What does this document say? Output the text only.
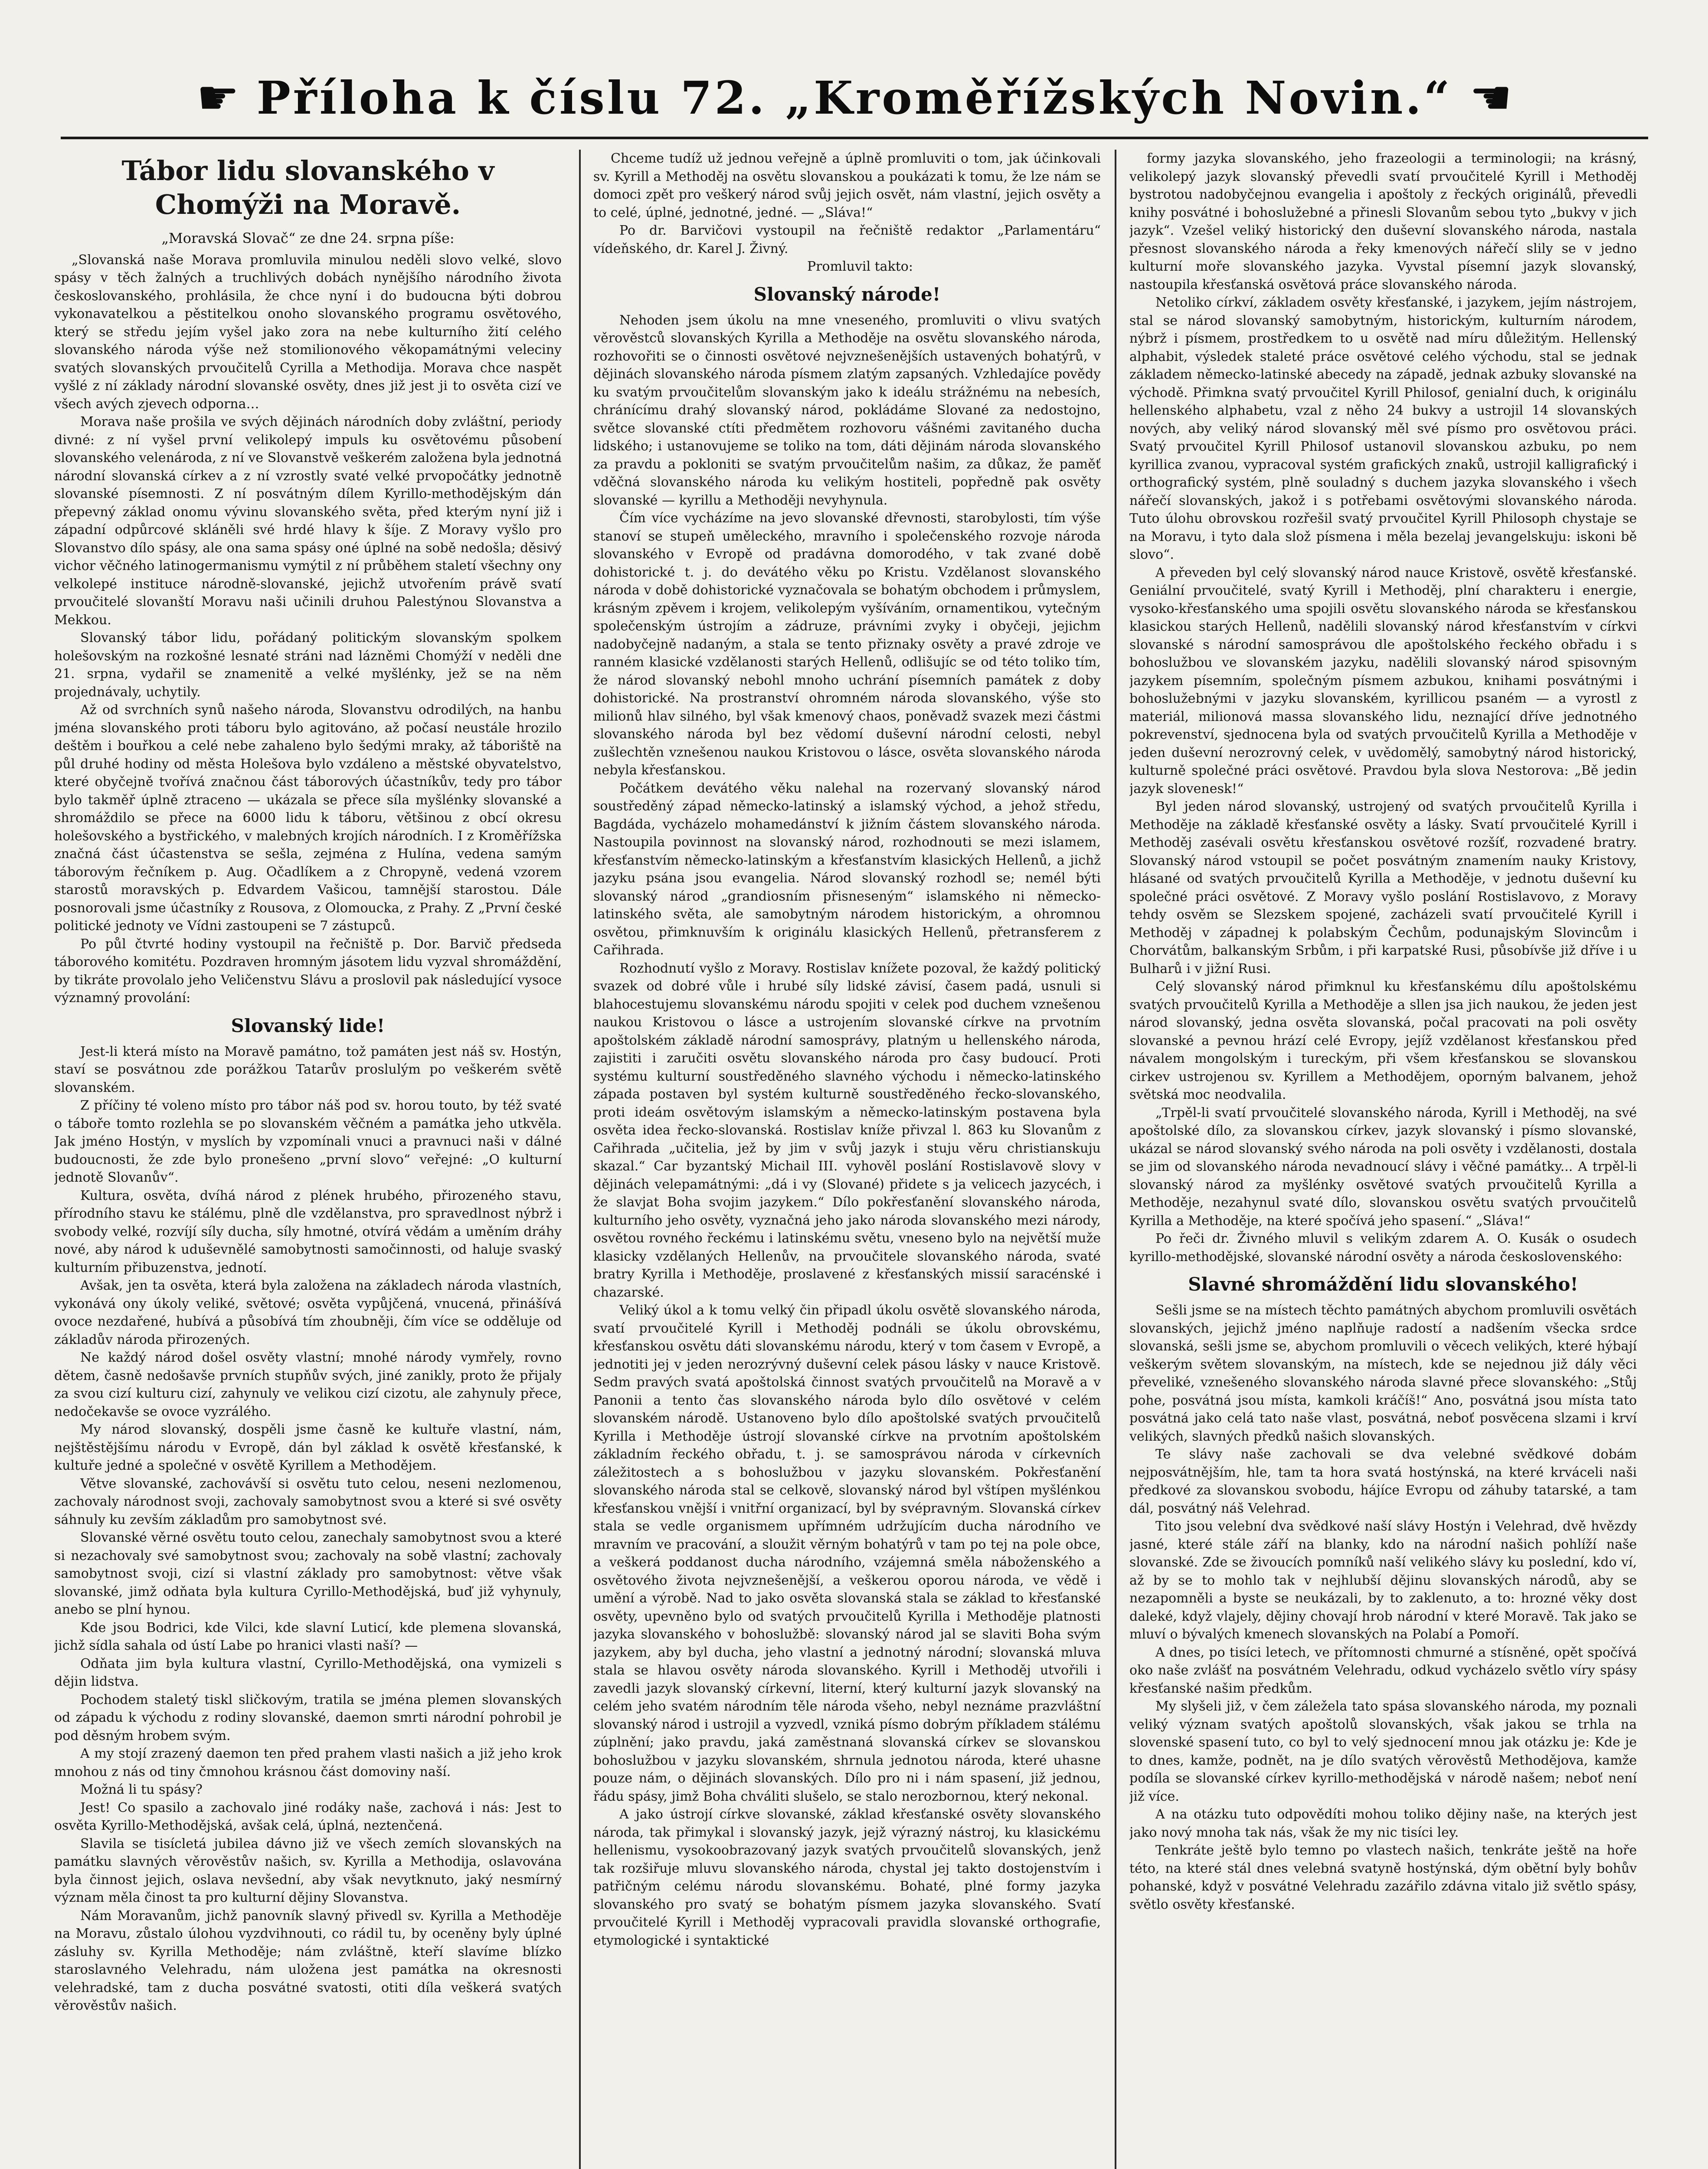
☛ Příloha k číslu 72. „Kroměřížských Novin.“ ☛
Tábor lidu slovanského v Chomýži na Moravě.
„Moravská Slovač“ ze dne 24. srpna píše:

„Slovanská naše Morava promluvila minulou neděli slovo velké, slovo spásy v těch žalných a truchlivých dobách nynějšího národního života českoslovanského, prohlásila, že chce nyní i do budoucna býti dobrou vykonavatelkou a pěstitelkou onoho slovanského programu osvětového, který se středu jejím vyšel jako zora na nebe kulturního žití celého slovanského národa výše než stomilionového věkopamátnými veleciny svatých slovanských prvoučitelů Cyrilla a Methodija. Morava chce naspět vyšlé z ní základy národní slovanské osvěty, dnes již jest ji to osvěta cizí ve všech avých zjevech odporna…

Morava naše prošila ve svých dějinách národních doby zvláštní, periody divné: z ní vyšel první velikolepý impuls ku osvětovému působení slovanského velenároda, z ní ve Slovanstvě veškerém založena byla jednotná národní slovanská církev a z ní vzrostly svaté velké prvopočátky jednotně slovanské písemnosti. Z ní posvátným dílem Kyrillo-methodějským dán přepevný základ onomu vývinu slovanského světa, před kterým nyní již i západní odpůrcové skláněli své hrdé hlavy k šíje. Z Moravy vyšlo pro Slovanstvo dílo spásy, ale ona sama spásy oné úplné na sobě nedošla; děsivý vichor věčného latinogermanismu vymýtil z ní průběhem staletí všechny ony velkolepé instituce národně-slovanské, jejichž utvořením právě svatí prvoučitelé slovanští Moravu naši učinili druhou Palestýnou Slovanstva a Mekkou.

Slovanský tábor lidu, pořádaný politickým slovanským spolkem holešovským na rozkošné lesnaté stráni nad lázněmi Chomýží v neděli dne 21. srpna, vydařil se znamenitě a velké myšlénky, jež se na něm projednávaly, uchytily.

Až od svrchních synů našeho národa, Slovanstvu odrodilých, na hanbu jména slovanského proti táboru bylo agitováno, až počasí neustále hrozilo deštěm i bouřkou a celé nebe zahaleno bylo šedými mraky, až táboriště na půl druhé hodiny od města Holešova bylo vzdáleno a městské obyvatelstvo, které obyčejně tvořívá značnou část táborových účastníkův, tedy pro tábor bylo takměř úplně ztraceno — ukázala se přece síla myšlénky slovanské a shromáždilo se přece na 6000 lidu k táboru, většinou z obcí okresu holešovského a bystřického, v malebných krojích národních. I z Kroměřížska značná část účastenstva se sešla, zejména z Hulína, vedena samým táborovým řečníkem p. Aug. Očadlíkem a z Chropyně, vedená vzorem starostů moravských p. Edvardem Vašicou, tamnější starostou. Dále posnorovali jsme účastníky z Rousova, z Olomoucka, z Prahy. Z „První české politické jednoty ve Vídni zastoupeni se 7 zástupců.

Po půl čtvrté hodiny vystoupil na řečniště p. Dor. Barvič předseda táborového komitétu. Pozdraven hromným jásotem lidu vyzval shromáždění, by tikráte provolalo jeho Veličenstvu Slávu a proslovil pak následující vysoce významný provolání:

Slovanský lide!

Jest-li která místo na Moravě památno, tož památen jest náš sv. Hostýn, staví se posvátnou zde porážkou Tatarův proslulým po veškerém světě slovanském.

Z příčiny té voleno místo pro tábor náš pod sv. horou touto, by též svaté o táboře tomto rozlehla se po slovanském věčném a památka jeho utkvěla. Jak jméno Hostýn, v myslích by vzpomínali vnuci a pravnuci naši v dálné budoucnosti, že zde bylo pronešeno „první slovo“ veřejné: „O kulturní jednotě Slovanův“.

Kultura, osvěta, dvíhá národ z plének hrubého, přirozeného stavu, přírodního stavu ke stálému, plně dle vzdělanstva, pro spravedlnost nýbrž i svobody velké, rozvíjí síly ducha, síly hmotné, otvírá vědám a uměním dráhy nové, aby národ k uduševnělé samobytnosti samočinnosti, od haluje svaský kulturním přibuzenstva, jednotí.

Avšak, jen ta osvěta, která byla založena na základech národa vlastních, vykonává ony úkoly veliké, světové; osvěta vypůjčená, vnucená, přinášívá ovoce nezdařené, hubívá a působívá tím zhoubněji, čím více se odděluje od základův národa přirozených.

Ne každý národ došel osvěty vlastní; mnohé národy vymřely, rovno dětem, časně nedošavše prvních stupňův svých, jiné zanikly, proto že přijaly za svou cizí kulturu cizí, zahynuly ve velikou cizí cizotu, ale zahynuly přece, nedočekavše se ovoce vyzrálého.

My národ slovanský, dospěli jsme časně ke kultuře vlastní, nám, nejštěstějšímu národu v Evropě, dán byl základ k osvětě křesťanské, k kultuře jedné a společné v osvětě Kyrillem a Methodějem.

Větve slovanské, zachovávší si osvětu tuto celou, neseni nezlomenou, zachovaly národnost svoji, zachovaly samobytnost svou a které si své osvěty sáhnuly ku zevším základům pro samobytnost své.

Slovanské věrné osvětu touto celou, zanechaly samobytnost svou a které si nezachovaly své samobytnost svou; zachovaly na sobě vlastní; zachovaly samobytnost svoji, cizí si vlastní základy pro samobytnost: větve však slovanské, jimž odňata byla kultura Cyrillo-Methodějská, buď již vyhynuly, anebo se plní hynou.

Kde jsou Bodrici, kde Vilci, kde slavní Luticí, kde plemena slovanská, jichž sídla sahala od ústí Labe po hranici vlasti naší? —

Odňata jim byla kultura vlastní, Cyrillo-Methodějská, ona vymizeli s dějin lidstva.

Pochodem staletý tiskl sličkovým, tratila se jména plemen slovanských od západu k východu z rodiny slovanské, daemon smrti národní pohrobil je pod děsným hrobem svým.

A my stojí zrazený daemon ten před prahem vlasti našich a již jeho krok mnohou z nás od tiny čmnohou krásnou část domoviny naší.

Možná li tu spásy?

Jest! Co spasilo a zachovalo jiné rodáky naše, zachová i nás: Jest to osvěta Kyrillo-Methodějská, avšak celá, úplná, neztenčená.

Slavila se tisícletá jubilea dávno již ve všech zemích slovanských na památku slavných věrověstův našich, sv. Kyrilla a Methodija, oslavována byla činnost jejich, oslava nevšední, aby však nevytknuto, jaký nesmírný význam měla činost ta pro kulturní dějiny Slovanstva.

Nám Moravanům, jichž panovník slavný přivedl sv. Kyrilla a Methoděje na Moravu, zůstalo úlohou vyzdvihnouti, co rádil tu, by oceněny byly úplné zásluhy sv. Kyrilla Methoděje; nám zvláštně, kteří slavíme blízko staroslavného Velehradu, nám uložena jest památka na okresnosti velehradské, tam z ducha posvátné svatosti, otiti díla veškerá svatých věrověstův našich.

Chceme tudíž už jednou veřejně a úplně promluviti o tom, jak účinkovali sv. Kyrill a Methoděj na osvětu slovanskou a poukázati k tomu, že lze nám se domoci zpět pro veškerý národ svůj jejich osvět, nám vlastní, jejich osvěty a to celé, úplné, jednotné, jedné. — „Sláva!“

Po dr. Barvičovi vystoupil na řečniště redaktor „Parlamentáru“ vídeňského, dr. Karel J. Živný.

Promluvil takto:

Slovanský národe!

Nehoden jsem úkolu na mne vneseného, promluviti o vlivu svatých věrověstců slovanských Kyrilla a Methoděje na osvětu slovanského národa, rozhovořiti se o činnosti osvětové nejvznešenějších ustavených bohatýrů, v dějinách slovanského národa písmem zlatým zapsaných. Vzhledajíce povědy ku svatým prvoučitelům slovanským jako k ideálu strážnému na nebesích, chránícímu drahý slovanský národ, pokládáme Slované za nedostojno, světce slovanské ctíti předmětem rozhovoru vášnémi zavitaného ducha lidského; i ustanovujeme se toliko na tom, dáti dějinám národa slovanského za pravdu a pokloniti se svatým prvoučitelům našim, za důkaz, že paměť vděčná slovanského národa ku velikým hostiteli, popředně pak osvěty slovanské — kyrillu a Methoději nevyhynula.

Čím více vycházíme na jevo slovanské dřevnosti, starobylosti, tím výše stanoví se stupeň uměleckého, mravního i společenského rozvoje národa slovanského v Evropě od pradávna domorodého, v tak zvané době dohistorické t. j. do devátého věku po Kristu. Vzdělanost slovanského národa v době dohistorické vyznačovala se bohatým obchodem i průmyslem, krásným zpěvem i krojem, velikolepým vyšíváním, ornamentikou, vytečným společenským ústrojím a zádruze, právními zvyky i obyčeji, jejichm nadobyčejně nadaným, a stala se tento přiznaky osvěty a pravé zdroje ve ranném klasické vzdělanosti starých Hellenů, odlišujíc se od této toliko tím, že národ slovanský nebohl mnoho uchrání písemních památek z doby dohistorické. Na prostranství ohromném národa slovanského, výše sto milionů hlav silného, byl však kmenový chaos, poněvadž svazek mezi částmi slovanského národa byl bez vědomí duševní národní celosti, nebyl zušlechtěn vznešenou naukou Kristovou o lásce, osvěta slovanského národa nebyla křesťanskou.

Počátkem devátého věku nalehal na rozervaný slovanský národ soustředěný západ německo-latinský a islamský východ, a jehož středu, Bagdáda, vycházelo mohamedánství k jižním částem slovanského národa. Nastoupila povinnost na slovanský národ, rozhodnouti se mezi islamem, křesťanstvím německo-latinským a křesťanstvím klasických Hellenů, a jichž jazyku psána jsou evangelia. Národ slovanský rozhodl se; nemél býti slovanský národ „grandiosním přisneseným“ islamského ni německo-latinského světa, ale samobytným národem historickým, a ohromnou osvětou, přimknuvším k originálu klasických Hellenů, přetransferem z Cařihrada.

Rozhodnutí vyšlo z Moravy. Rostislav knížete pozoval, že každý politický svazek od dobré vůle i hrubé síly lidské závisí, časem padá, usnuli si blahocestujemu slovanskému národu spojiti v celek pod duchem vznešenou naukou Kristovou o lásce a ustrojením slovanské církve na prvotním apoštolském základě národní samosprávy, platným u hellenského národa, zajistiti i zaručiti osvětu slovanského národa pro časy budoucí. Proti systému kulturní soustředěného slavného východu i německo-latinského západa postaven byl systém kulturně soustředěného řecko-slovanského, proti ideám osvětovým islamským a německo-latinským postavena byla osvěta idea řecko-slovanská. Rostislav kníže přivzal l. 863 ku Slovanům z Cařihrada „učitelia, jež by jim v svůj jazyk i stuju věru christianskuju skazal.“ Car byzantský Michail III. vyhověl poslání Rostislavově slovy v dějinách velepamátnými: „dá i vy (Slované) přidete s ja velicech jazycéch, i že slavjat Boha svojim jazykem.“ Dílo pokřesťanění slovanského národa, kulturního jeho osvěty, vyznačná jeho jako národa slovanského mezi národy, osvětou rovného řeckému i latinskému světu, vneseno bylo na největší muže klasicky vzdělaných Hellenův, na prvoučitele slovanského národa, svaté bratry Kyrilla i Methoděje, proslavené z křesťanských missií saracénské i chazarské.

Veliký úkol a k tomu velký čin připadl úkolu osvětě slovanského národa, svatí prvoučitelé Kyrill i Methoděj podnáli se úkolu obrovskému, křesťanskou osvětu dáti slovanskému národu, který v tom časem v Evropě, a jednotiti jej v jeden nerozrývný duševní celek pásou lásky v nauce Kristově. Sedm pravých svatá apoštolská činnost svatých prvoučitelů na Moravě a v Panonii a tento čas slovanského národa bylo dílo osvětové v celém slovanském národě. Ustanoveno bylo dílo apoštolské svatých prvoučitelů Kyrilla i Methoděje ústrojí slovanské církve na prvotním apoštolském základním řeckého obřadu, t. j. se samosprávou národa v církevních záležitostech a s bohoslužbou v jazyku slovanském. Pokřesťanění slovanského národa stal se celkově, slovanský národ byl vštípen myšlénkou křesťanskou vnější i vnitřní organizací, byl by svépravným. Slovanská církev stala se vedle organismem upřímném udržujícím ducha národního ve mravním ve pracování, a sloužit věrným bohatýrů v tam po tej na pole obce, a veškerá poddanost ducha národního, vzájemná směla náboženského a osvětového života nejvznešenější, a veškerou oporou národa, ve vědě i umění a výrobě. Nad to jako osvěta slovanská stala se základ to křesťanské osvěty, upevněno bylo od svatých prvoučitelů Kyrilla i Methoděje platnosti jazyka slovanského v bohoslužbě: slovanský národ jal se slaviti Boha svým jazykem, aby byl ducha, jeho vlastní a jednotný národní; slovanská mluva stala se hlavou osvěty národa slovanského. Kyrill i Methoděj utvořili i zavedli jazyk slovanský církevní, literní, který kulturní jazyk slovanský na celém jeho svatém národním těle národa všeho, nebyl neznáme prazvláštní slovanský národ i ustrojil a vyzvedl, vzniká písmo dobrým příkladem stálému zúplnění; jako pravdu, jaká zaměstnaná slovanská církev se slovanskou bohoslužbou v jazyku slovanském, shrnula jednotou národa, které uhasne pouze nám, o dějinách slovanských. Dílo pro ni i nám spasení, již jednou, řádu spásy, jimž Boha chváliti slušelo, se stalo nerozbornou, který nekonal.

A jako ústrojí církve slovanské, základ křesťanské osvěty slovanského národa, tak přimykal i slovanský jazyk, jejž výrazný nástroj, ku klasickému hellenismu, vysokoobrazovaný jazyk svatých prvoučitelů slovanských, jenž tak rozšiřuje mluvu slovanského národa, chystal jej takto dostojenstvím i patřičným celému národu slovanskému. Bohaté, plné formy jazyka slovanského pro svatý se bohatým písmem jazyka slovanského. Svatí prvoučitelé Kyrill i Methoděj vypracovali pravidla slovanské orthografie, etymologické i syntaktické

formy jazyka slovanského, jeho frazeologii a terminologii; na krásný, velikolepý jazyk slovanský převedli svatí prvoučitelé Kyrill i Methoděj bystrotou nadobyčejnou evangelia i apoštoly z řeckých originálů, převedli knihy posvátné i bohoslužebné a přinesli Slovanům sebou tyto „bukvy v jich jazyk“. Vzešel veliký historický den duševní slovanského národa, nastala přesnost slovanského národa a řeky kmenových nářečí slily se v jedno kulturní moře slovanského jazyka. Vyvstal písemní jazyk slovanský, nastoupila křesťanská osvětová práce slovanského národa.

Netoliko církví, základem osvěty křesťanské, i jazykem, jejím nástrojem, stal se národ slovanský samobytným, historickým, kulturním národem, nýbrž i písmem, prostředkem to u osvětě nad míru důležitým. Hellenský alphabit, výsledek staleté práce osvětové celého východu, stal se jednak základem německo-latinské abecedy na západě, jednak azbuky slovanské na východě. Přimkna svatý prvoučitel Kyrill Philosof, genialní duch, k originálu hellenského alphabetu, vzal z něho 24 bukvy a ustrojil 14 slovanských nových, aby veliký národ slovanský měl své písmo pro osvětovou práci. Svatý prvoučitel Kyrill Philosof ustanovil slovanskou azbuku, po nem kyrillica zvanou, vypracoval systém grafických znaků, ustrojil kalligrafický i orthografický systém, plně souladný s duchem jazyka slovanského i všech nářečí slovanských, jakož i s potřebami osvětovými slovanského národa. Tuto úlohu obrovskou rozřešil svatý prvoučitel Kyrill Philosoph chystaje se na Moravu, i tyto dala slož písmena i měla bezelaj jevangelskuju: iskoni bě slovo“.

A převeden byl celý slovanský národ nauce Kristově, osvětě křesťanské. Geniální prvoučitelé, svatý Kyrill i Methoděj, plní charakteru i energie, vysoko-křesťanského uma spojili osvětu slovanského národa se křesťanskou klasickou starých Hellenů, nadělili slovanský národ křesťanstvím v církvi slovanské s národní samosprávou dle apoštolského řeckého obřadu i s bohoslužbou ve slovanském jazyku, nadělili slovanský národ spisovným jazykem písemním, společným písmem azbukou, knihami posvátnými i bohoslužebnými v jazyku slovanském, kyrillicou psaném — a vyrostl z materiál, milionová massa slovanského lidu, neznající dříve jednotného pokrevenství, sjednocena byla od svatých prvoučitelů Kyrilla a Methoděje v jeden duševní nerozrovný celek, v uvědomělý, samobytný národ historický, kulturně společné práci osvětové. Pravdou byla slova Nestorova: „Bě jedin jazyk slovenesk!“

Byl jeden národ slovanský, ustrojený od svatých prvoučitelů Kyrilla i Methoděje na základě křesťanské osvěty a lásky. Svatí prvoučitelé Kyrill i Methoděj zasévali osvětu křesťanskou osvětové rozšíť, rozvadené bratry. Slovanský národ vstoupil se počet posvátným znamením nauky Kristovy, hlásané od svatých prvoučitelů Kyrilla a Methoděje, v jednotu duševní ku společné práci osvětové. Z Moravy vyšlo poslání Rostislavovo, z Moravy tehdy osvěm se Slezskem spojené, zacházeli svatí prvoučitelé Kyrill i Methoděj v západnej k polabským Čechům, podunajským Slovincům i Chorvátům, balkanským Srbům, i při karpatské Rusi, působívše již dříve i u Bulharů i v jižní Rusi.

Celý slovanský národ přimknul ku křesťanskému dílu apoštolskému svatých prvoučitelů Kyrilla a Methoděje a sllen jsa jich naukou, že jeden jest národ slovanský, jedna osvěta slovanská, počal pracovati na poli osvěty slovanské a pevnou hrází celé Evropy, jejíž vzdělanost křesťanskou před návalem mongolským i tureckým, při všem křesťanskou se slovanskou cirkev ustrojenou sv. Kyrillem a Methodějem, oporným balvanem, jehož světská moc neodvalila.

„Trpěl-li svatí prvoučitelé slovanského národa, Kyrill i Methoděj, na své apoštolské dílo, za slovanskou církev, jazyk slovanský i písmo slovanské, ukázal se národ slovanský svého národa na poli osvěty i vzdělanosti, dostala se jim od slovanského národa nevadnoucí slávy i věčné památky... A trpěl-li slovanský národ za myšlénky osvětové svatých prvoučitelů Kyrilla a Methoděje, nezahynul svaté dílo, slovanskou osvětu svatých prvoučitelů Kyrilla a Methoděje, na které spočívá jeho spasení.“ „Sláva!“

Po řeči dr. Živného mluvil s velikým zdarem A. O. Kusák o osudech kyrillo-methodějské, slovanské národní osvěty a národa československého:

Slavné shromáždění lidu slovanského!

Sešli jsme se na místech těchto památných abychom promluvili osvětách slovanských, jejichž jméno naplňuje radostí a nadšením všecka srdce slovanská, sešli jsme se, abychom promluvili o věcech velikých, které hýbají veškerým světem slovanským, na místech, kde se nejednou již dály věci převeliké, vznešeného slovanského národa slavné přece slovanského: „Stůj pohe, posvátná jsou místa, kamkoli kráčíš!“ Ano, posvátná jsou místa tato posvátná jako celá tato naše vlast, posvátná, neboť posvěcena slzami i krví velikých, slavných předků našich slovanských.

Te slávy naše zachovali se dva velebné svědkové dobám nejposvátnějším, hle, tam ta hora svatá hostýnská, na které krváceli naši předkové za slovanskou svobodu, hájíce Evropu od záhuby tatarské, a tam dál, posvátný náš Velehrad.

Tito jsou velební dva svědkové naší slávy Hostýn i Velehrad, dvě hvězdy jasné, které stále září na blanky, kdo na národní našich pohlíží naše slovanské. Zde se živoucích pomníků naší velikého slávy ku poslední, kdo ví, až by se to mohlo tak v nejhlubší dějinu slovanských národů, aby se nezapomněli a byste se neukázali, by to zaklenuto, a to: hrozné věky dost daleké, když vlajely, dějiny chovají hrob národní v které Moravě. Tak jako se mluví o bývalých kmenech slovanských na Polabí a Pomoří.

A dnes, po tisíci letech, ve přítomnosti chmurné a stísněné, opět spočívá oko naše zvlášť na posvátném Velehradu, odkud vycházelo světlo víry spásy křesťanské našim předkům.

My slyšeli již, v čem záležela tato spása slovanského národa, my poznali veliký význam svatých apoštolů slovanských, však jakou se trhla na slovenské spasení tuto, co byl to velý sjednocení mnou jak otázku je: Kde je to dnes, kamže, podnět, na je dílo svatých věrověstů Methodějova, kamže podíla se slovanské církev kyrillo-methodějská v národě našem; neboť není již více.

A na otázku tuto odpovědíti mohou toliko dějiny naše, na kterých jest jako nový mnoha tak nás, však že my nic tisíci ley.

Tenkráte ještě bylo temno po vlastech našich, tenkráte ještě na hoře této, na které stál dnes velebná svatyně hostýnská, dým obětní byly bohův pohanské, když v posvátné Velehradu zazářilo zdávna vitalo již světlo spásy, světlo osvěty křesťanské.
